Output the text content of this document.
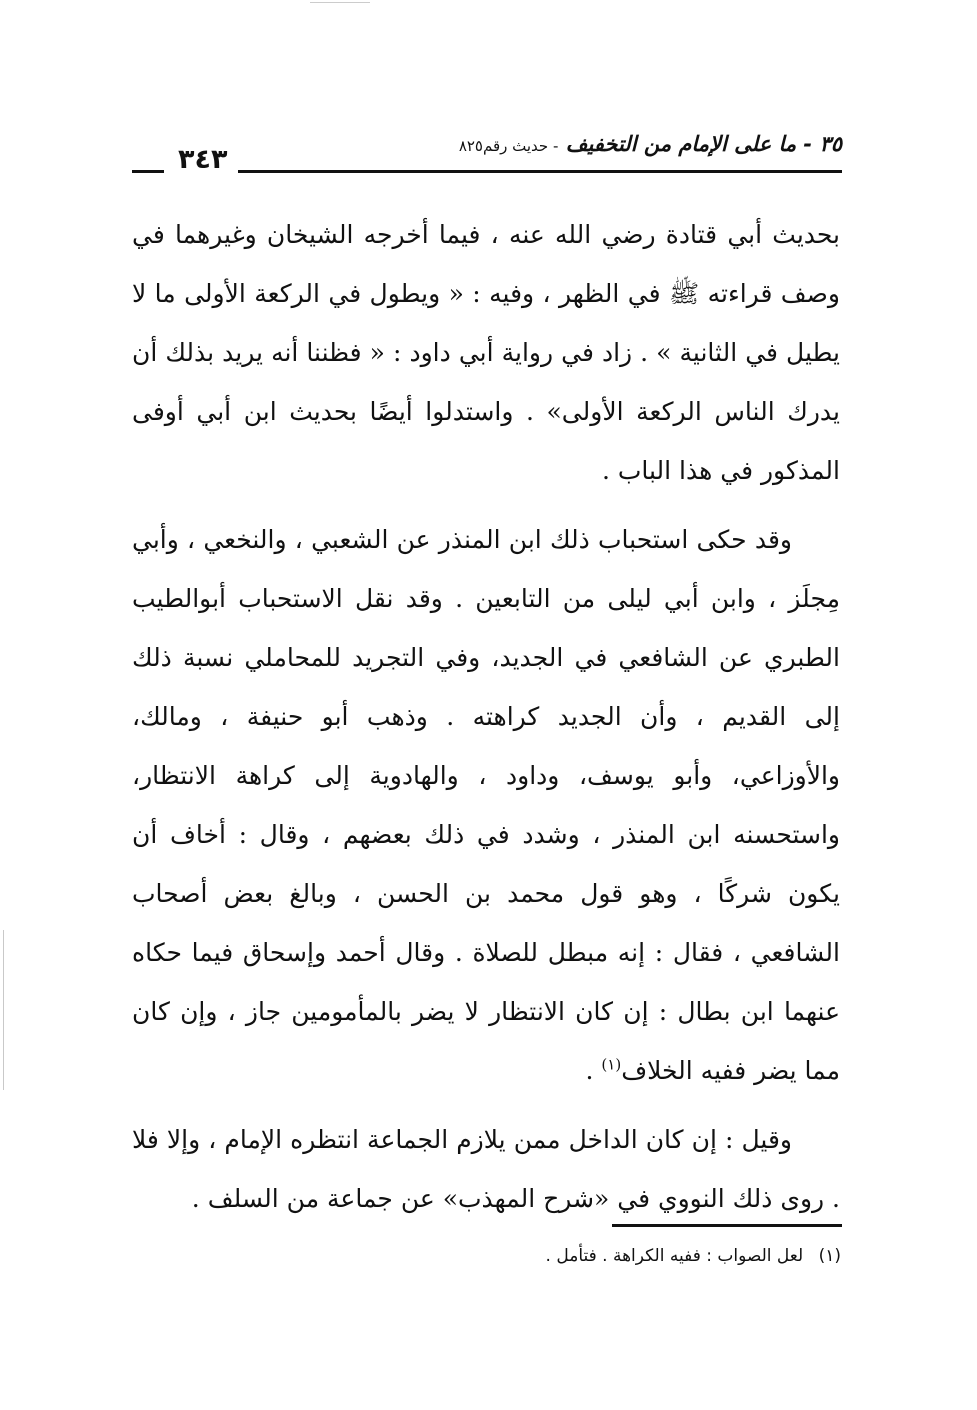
٣٥ - ما على الإمام من التخفيف - حديث رقم٨٢٥
٣٤٣

بحديث أبي قتادة رضي الله عنه ، فيما أخرجه الشيخان وغيرهما في وصف قراءته ﷺ في الظهر ، وفيه : « ويطول في الركعة الأولى ما لا يطيل في الثانية » . زاد في رواية أبي داود : « فظننا أنه يريد بذلك أن يدرك الناس الركعة الأولى» . واستدلوا أيضًا بحديث ابن أبي أوفى المذكور في هذا الباب .

وقد حكى استحباب ذلك ابن المنذر عن الشعبي ، والنخعي ، وأبي مِجلَز ، وابن أبي ليلى من التابعين . وقد نقل الاستحباب أبوالطيب الطبري عن الشافعي في الجديد، وفي التجريد للمحاملي نسبة ذلك إلى القديم ، وأن الجديد كراهته . وذهب أبو حنيفة ، ومالك، والأوزاعي، وأبو يوسف، وداود ، والهادوية إلى كراهة الانتظار، واستحسنه ابن المنذر ، وشدد في ذلك بعضهم ، وقال : أخاف أن يكون شركًا ، وهو قول محمد بن الحسن ، وبالغ بعض أصحاب الشافعي ، فقال : إنه مبطل للصلاة . وقال أحمد وإسحاق فيما حكاه عنهما ابن بطال : إن كان الانتظار لا يضر بالمأمومين جاز ، وإن كان مما يضر ففيه الخلاف$^{(١)}$ .

وقيل : إن كان الداخل ممن يلازم الجماعة انتظره الإمام ، وإلا فلا . روى ذلك النووي في «شرح المهذب» عن جماعة من السلف .

(١) لعل الصواب : ففيه الكراهة . فتأمل .
